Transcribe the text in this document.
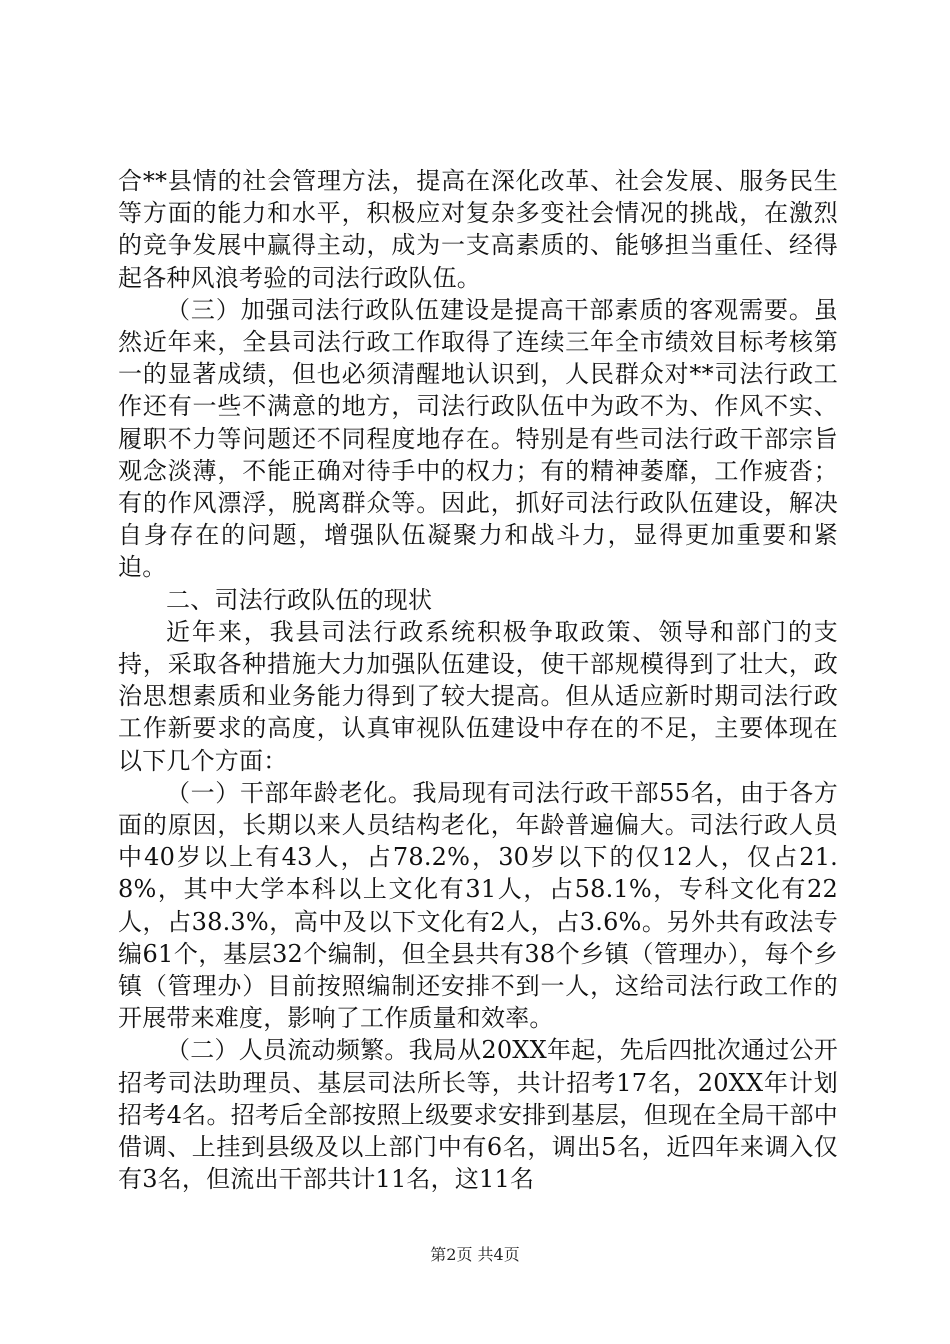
合**县情的社会管理方法，提高在深化改革、社会发展、服务民生等方面的能力和水平，积极应对复杂多变社会情况的挑战，在激烈的竞争发展中赢得主动，成为一支高素质的、能够担当重任、经得起各种风浪考验的司法行政队伍。

（三）加强司法行政队伍建设是提高干部素质的客观需要。虽然近年来，全县司法行政工作取得了连续三年全市绩效目标考核第一的显著成绩，但也必须清醒地认识到，人民群众对**司法行政工作还有一些不满意的地方，司法行政队伍中为政不为、作风不实、履职不力等问题还不同程度地存在。特别是有些司法行政干部宗旨观念淡薄，不能正确对待手中的权力；有的精神萎靡，工作疲沓；有的作风漂浮，脱离群众等。因此，抓好司法行政队伍建设，解决自身存在的问题，增强队伍凝聚力和战斗力，显得更加重要和紧迫。

二、司法行政队伍的现状

近年来，我县司法行政系统积极争取政策、领导和部门的支持，采取各种措施大力加强队伍建设，使干部规模得到了壮大，政治思想素质和业务能力得到了较大提高。但从适应新时期司法行政工作新要求的高度，认真审视队伍建设中存在的不足，主要体现在以下几个方面：

（一）干部年龄老化。我局现有司法行政干部55名，由于各方面的原因，长期以来人员结构老化，年龄普遍偏大。司法行政人员中40岁以上有43人，占78.2%，30岁以下的仅12人，仅占21.8%，其中大学本科以上文化有31人，占58.1%，专科文化有22人，占38.3%，高中及以下文化有2人，占3.6%。另外共有政法专编61个，基层32个编制，但全县共有38个乡镇（管理办），每个乡镇（管理办）目前按照编制还安排不到一人，这给司法行政工作的开展带来难度，影响了工作质量和效率。

（二）人员流动频繁。我局从20XX年起，先后四批次通过公开招考司法助理员、基层司法所长等，共计招考17名，20XX年计划招考4名。招考后全部按照上级要求安排到基层，但现在全局干部中借调、上挂到县级及以上部门中有6名，调出5名，近四年来调入仅有3名，但流出干部共计11名，这11名

第2页 共4页
